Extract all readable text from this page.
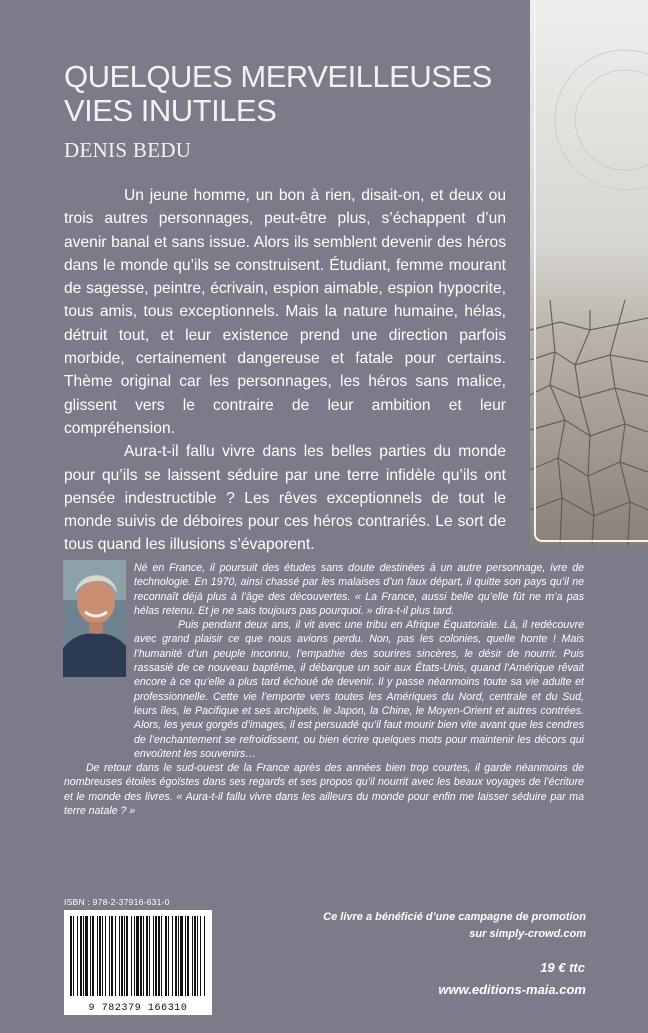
QUELQUES MERVEILLEUSES
VIES INUTILES
DENIS BEDU

Un jeune homme, un bon à rien, disait-on, et deux ou trois autres personnages, peut-être plus, s’échappent d’un avenir banal et sans issue. Alors ils semblent devenir des héros dans le monde qu’ils se construisent. Étudiant, femme mourant de sagesse, peintre, écrivain, espion aimable, espion hypocrite, tous amis, tous exceptionnels. Mais la nature humaine, hélas, détruit tout, et leur existence prend une direction parfois morbide, certainement dangereuse et fatale pour certains. Thème original car les personnages, les héros sans malice, glissent vers le contraire de leur ambition et leur compréhension.

Aura-t-il fallu vivre dans les belles parties du monde pour qu’ils se laissent séduire par une terre infidèle qu’ils ont pensée indestructible ? Les rêves exceptionnels de tout le monde suivis de déboires pour ces héros contrariés. Le sort de tous quand les illusions s’évaporent.

Né en France, il poursuit des études sans doute destinées à un autre personnage, ivre de technologie. En 1970, ainsi chassé par les malaises d’un faux départ, il quitte son pays qu’il ne reconnaît déjà plus à l’âge des découvertes. « La France, aussi belle qu’elle fût ne m’a pas hélas retenu. Et je ne sais toujours pas pourquoi. » dira-t-il plus tard.

Puis pendant deux ans, il vit avec une tribu en Afrique Équatoriale. Là, il redécouvre avec grand plaisir ce que nous avions perdu. Non, pas les colonies, quelle honte ! Mais l’humanité d’un peuple inconnu, l’empathie des sourires sincères, le désir de nourrir. Puis rassasié de ce nouveau baptême, il débarque un soir aux États-Unis, quand l’Amérique rêvait encore à ce qu’elle a plus tard échoué de devenir. Il y passe néanmoins toute sa vie adulte et professionnelle. Cette vie l’emporte vers toutes les Amériques du Nord, centrale et du Sud, leurs îles, le Pacifique et ses archipels, le Japon, la Chine, le Moyen-Orient et autres contrées. Alors, les yeux gorgés d’images, il est persuadé qu’il faut mourir bien vite avant que les cendres de l’enchantement se refroidissent, ou bien écrire quelques mots pour maintenir les décors qui envoûtent les souvenirs…

De retour dans le sud-ouest de la France après des années bien trop courtes, il garde néanmoins de nombreuses étoiles égoïstes dans ses regards et ses propos qu’il nourrit avec les beaux voyages de l’écriture et le monde des livres. « Aura-t-il fallu vivre dans les ailleurs du monde pour enfin me laisser séduire par ma terre natale ? »

ISBN : 978-2-37916-631-0
9 782379 166310
Ce livre a bénéficié d’une campagne de promotion
sur simply-crowd.com
19 € ttc
www.editions-maia.com
